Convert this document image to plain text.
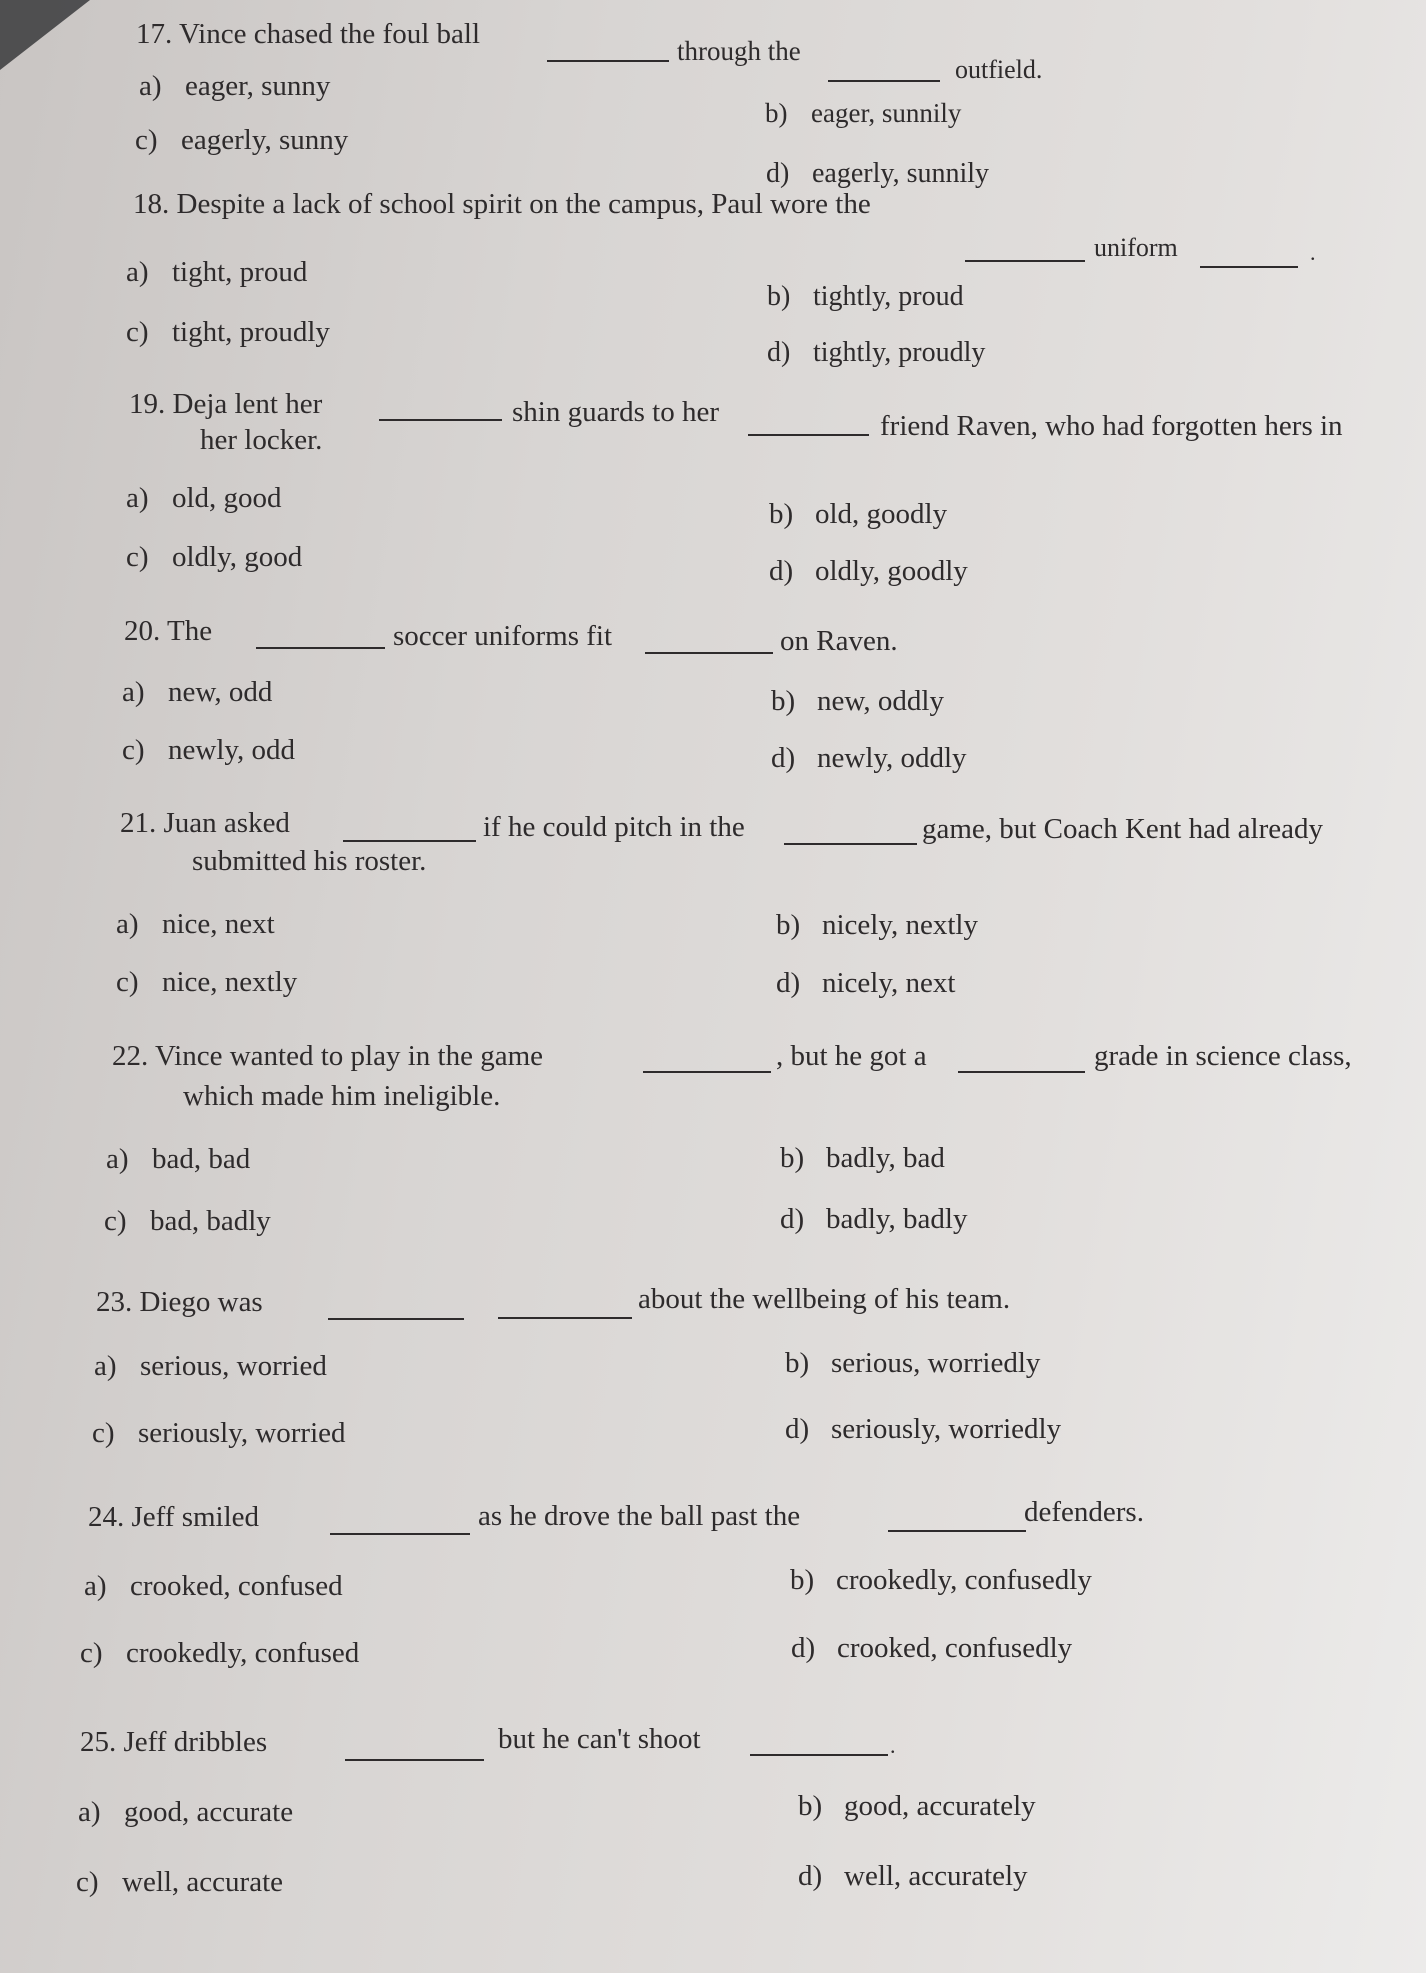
17. Vince chased the foul ball
through the
outfield.
a) eager, sunny
b) eager, sunnily
c) eagerly, sunny
d) eagerly, sunnily
18. Despite a lack of school spirit on the campus, Paul wore the
uniform	.
a) tight, proud
b) tightly, proud
c) tight, proudly
d) tightly, proudly
19. Deja lent her	shin guards to her	friend Raven, who had forgotten hers in
her locker.
a) old, good	b) old, goodly
c) oldly, good	d) oldly, goodly
20. The	soccer uniforms fit	on Raven.
a) new, odd	b) new, oddly
c) newly, odd	d) newly, oddly
21. Juan asked	if he could pitch in the	game, but Coach Kent had already
submitted his roster.
a) nice, next	b) nicely, nextly
c) nice, nextly	d) nicely, next
22. Vince wanted to play in the game	, but he got a	grade in science class,
which made him ineligible.
a) bad, bad	b) badly, bad
c) bad, badly	d) badly, badly
23. Diego was	about the wellbeing of his team.
a) serious, worried	b) serious, worriedly
c) seriously, worried	d) seriously, worriedly
24. Jeff smiled	as he drove the ball past the	defenders.
a) crooked, confused	b) crookedly, confusedly
c) crookedly, confused	d) crooked, confusedly
25. Jeff dribbles	but he can't shoot	.
a) good, accurate	b) good, accurately
c) well, accurate	d) well, accurately
